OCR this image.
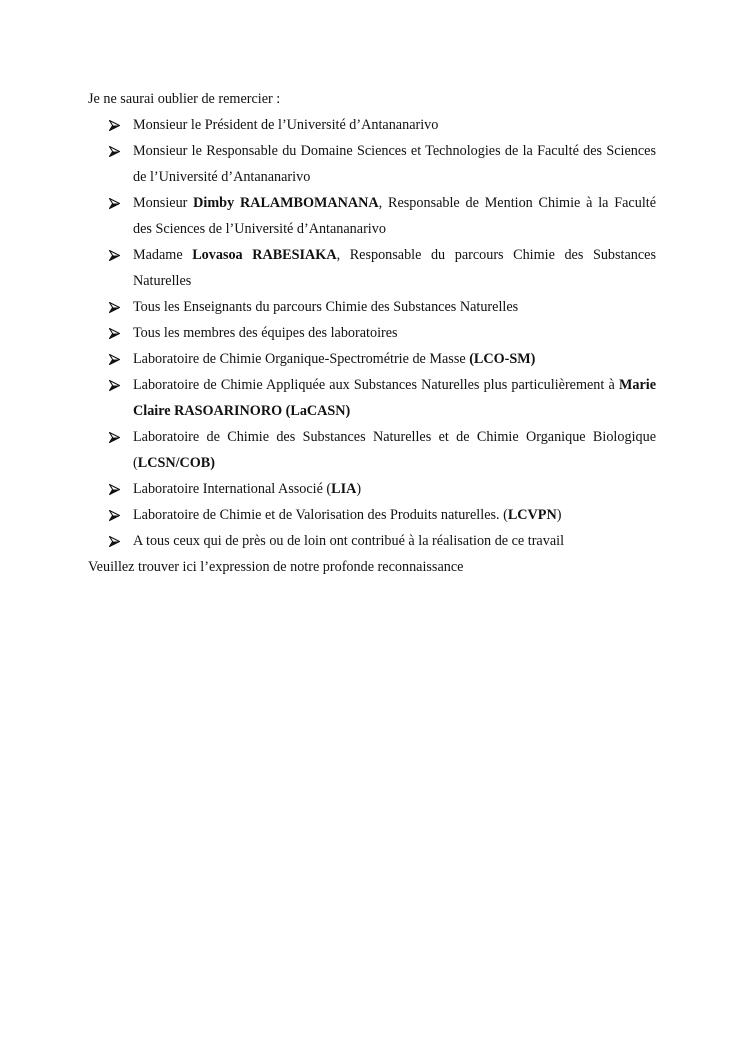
Je ne saurai oublier de remercier :

Monsieur le Président de l’Université d’Antananarivo
Monsieur le Responsable du Domaine Sciences et Technologies de la Faculté des Sciences de l’Université d’Antananarivo
Monsieur Dimby RALAMBOMANANA, Responsable de Mention Chimie à la Faculté des Sciences de l’Université d’Antananarivo
Madame Lovasoa RABESIAKA, Responsable du parcours Chimie des Substances Naturelles
Tous les Enseignants du parcours Chimie des Substances Naturelles
Tous les membres des équipes des laboratoires
Laboratoire de Chimie Organique-Spectrométrie de Masse (LCO-SM)
Laboratoire de Chimie Appliquée aux Substances Naturelles plus particulièrement à Marie Claire RASOARINORO (LaCASN)
Laboratoire de Chimie des Substances Naturelles et de Chimie Organique Biologique (LCSN/COB)
Laboratoire International Associé (LIA)
Laboratoire de Chimie et de Valorisation des Produits naturelles. (LCVPN)
A tous ceux qui de près ou de loin ont contribué à la réalisation de ce travail

Veuillez trouver ici l’expression de notre profonde reconnaissance
